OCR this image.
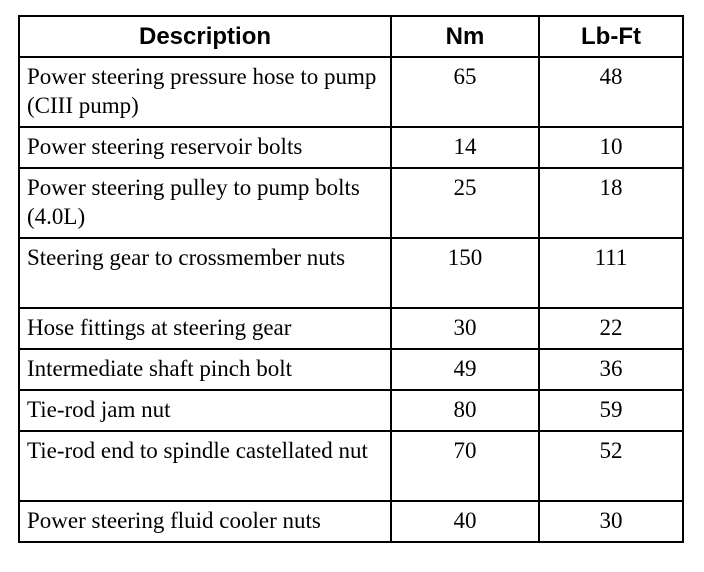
Description	Nm	Lb-Ft
Power steering pressure hose to pump (CIII pump)	65	48
Power steering reservoir bolts	14	10
Power steering pulley to pump bolts (4.0L)	25	18
Steering gear to crossmember nuts	150	111
Hose fittings at steering gear	30	22
Intermediate shaft pinch bolt	49	36
Tie-rod jam nut	80	59
Tie-rod end to spindle castellated nut	70	52
Power steering fluid cooler nuts	40	30
